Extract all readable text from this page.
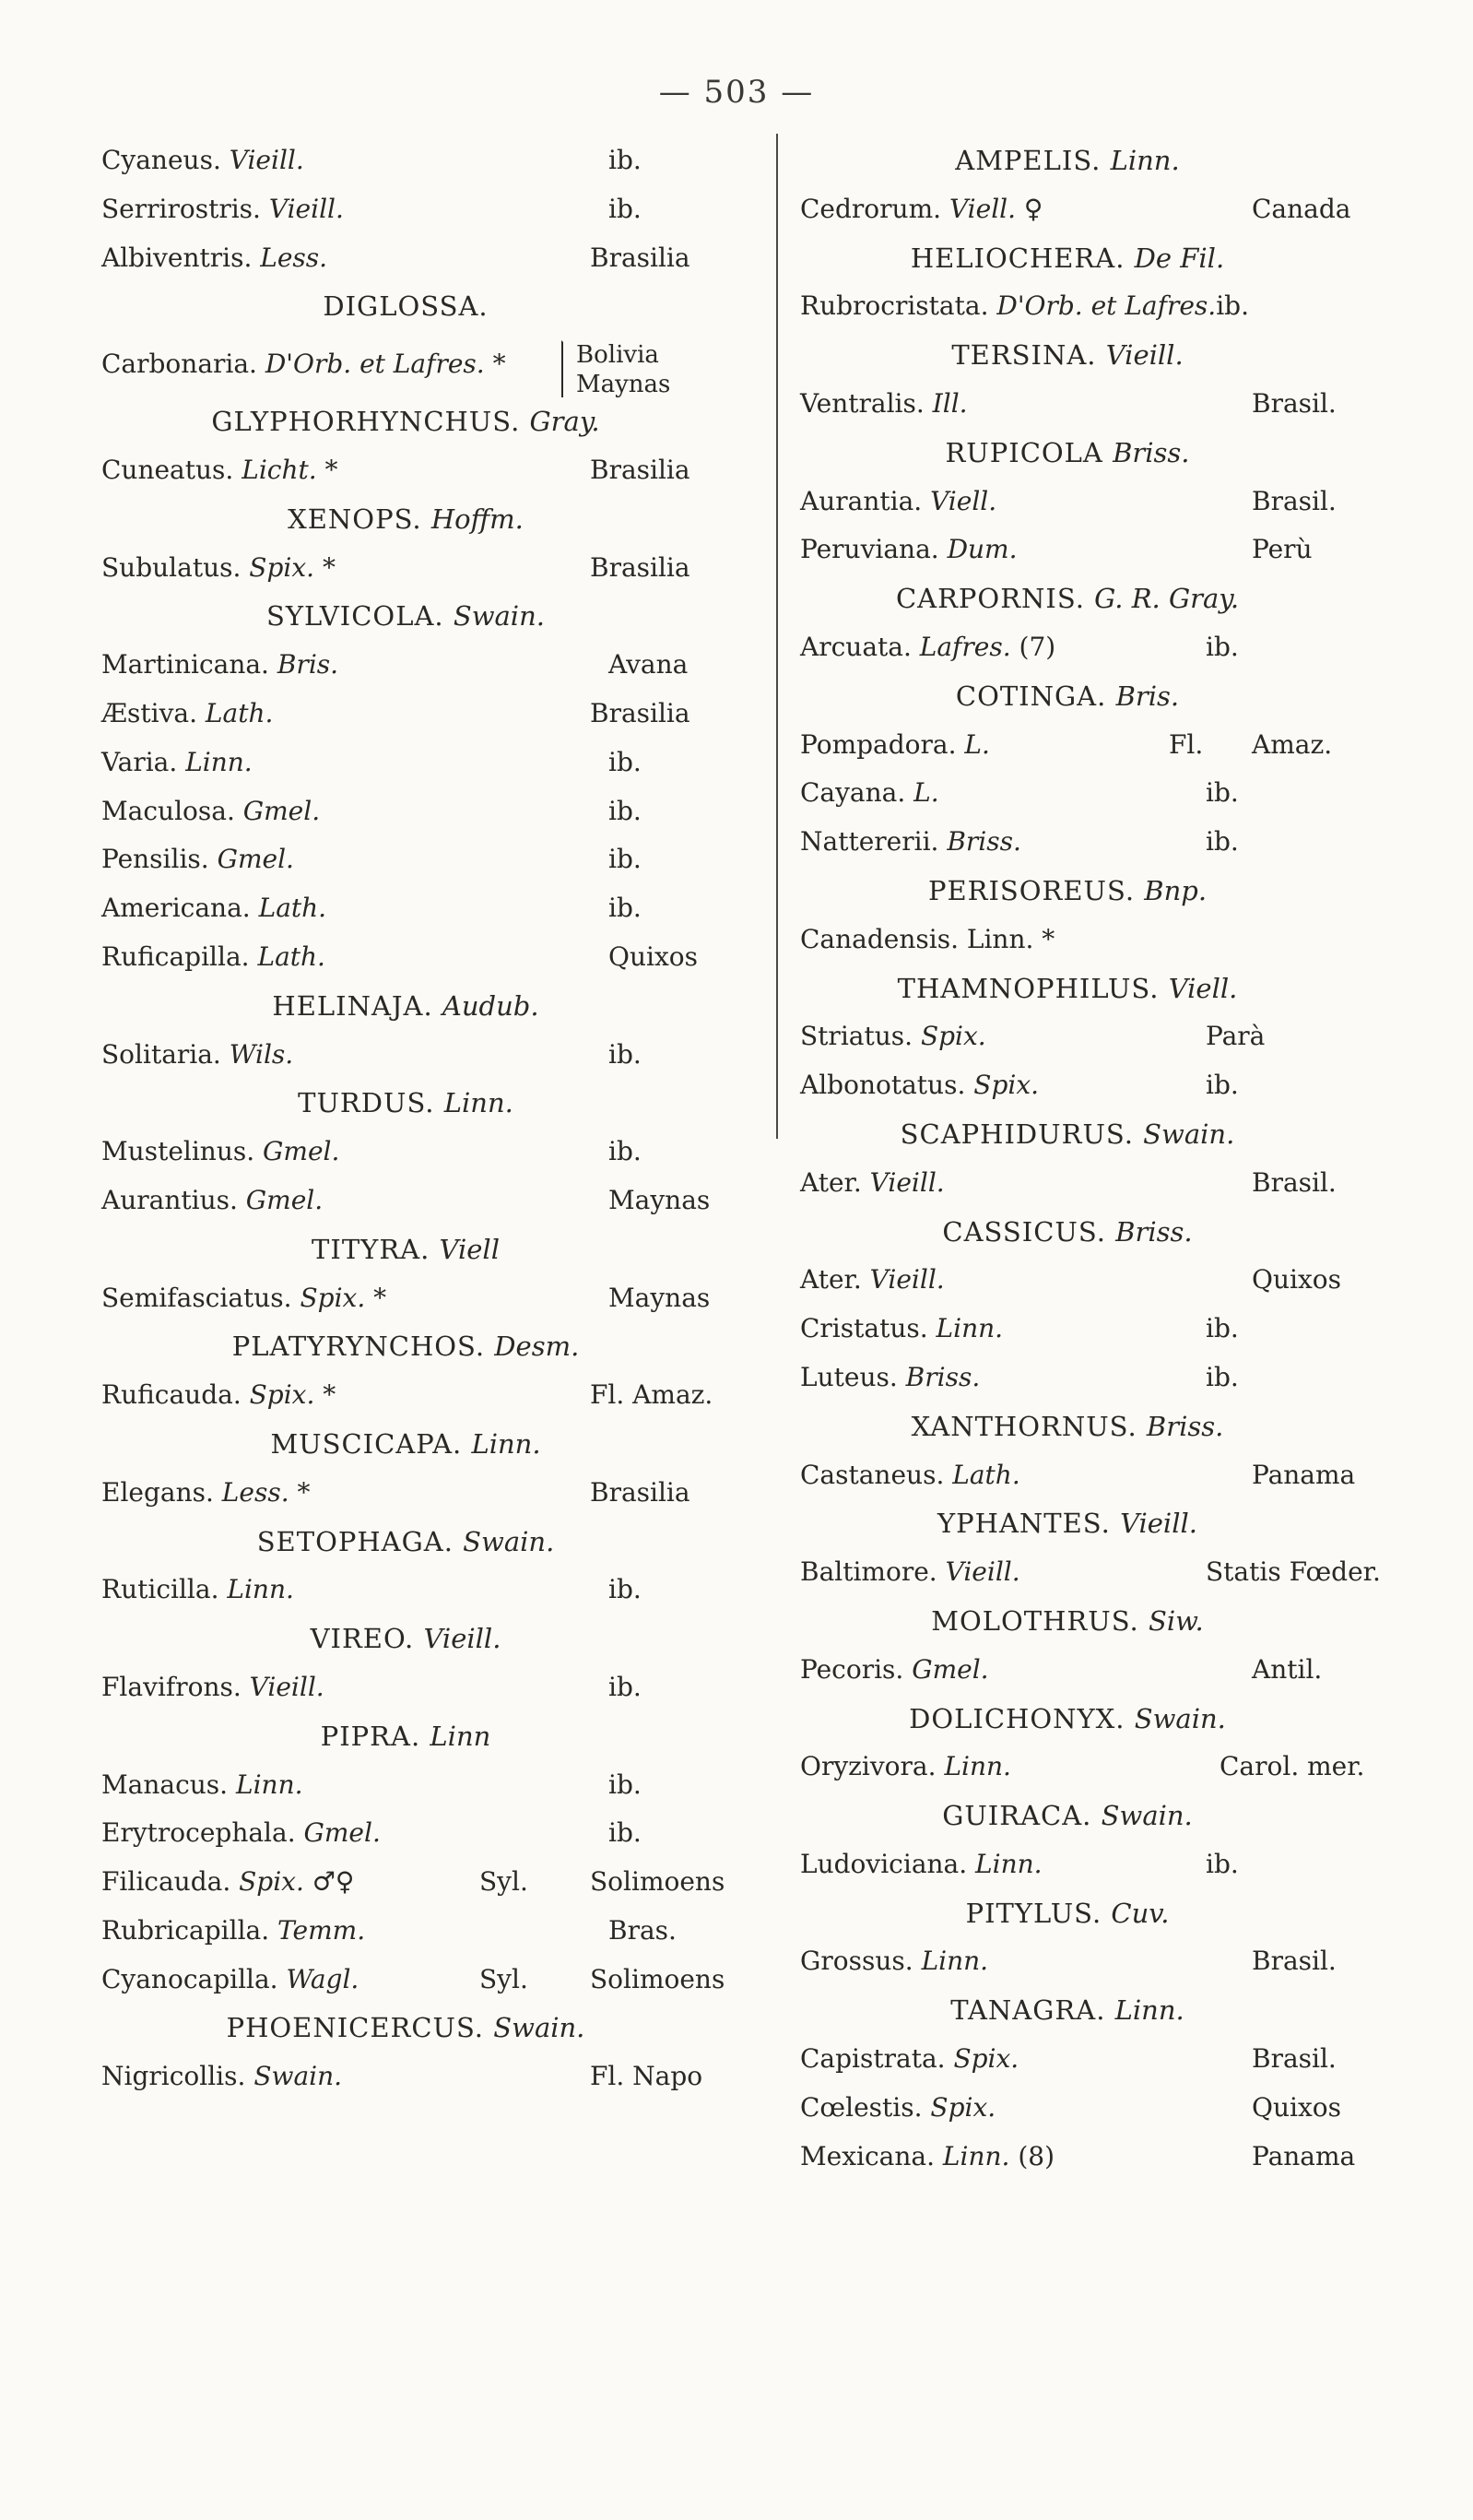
— 503 —
Cyaneus. Vieill.	ib.
Serrirostris. Vieill.	ib.
Albiventris. Less.	Brasilia
DIGLOSSA.
Carbonaria. D'Orb. et Lafres. *	Bolivia
Maynas
GLYPHORHYNCHUS. Gray.
Cuneatus. Licht. *	Brasilia
XENOPS. Hoffm.
Subulatus. Spix. *	Brasilia
SYLVICOLA. Swain.
Martinicana. Bris.	Avana
Æstiva. Lath.	Brasilia
Varia. Linn.	ib.
Maculosa. Gmel.	ib.
Pensilis. Gmel.	ib.
Americana. Lath.	ib.
Ruficapilla. Lath.	Quixos
HELINAJA. Audub.
Solitaria. Wils.	ib.
TURDUS. Linn.
Mustelinus. Gmel.	ib.
Aurantius. Gmel.	Maynas
TITYRA. Viell
Semifasciatus. Spix. *	Maynas
PLATYRYNCHOS. Desm.
Ruficauda. Spix. *	Fl. Amaz.
MUSCICAPA. Linn.
Elegans. Less. *	Brasilia
SETOPHAGA. Swain.
Ruticilla. Linn.	ib.
VIREO. Vieill.
Flavifrons. Vieill.	ib.
PIPRA. Linn
Manacus. Linn.	ib.
Erytrocephala. Gmel.	ib.
Filicauda. Spix. ♂♀	Syl. Solimoens
Rubricapilla. Temm.	Bras.
Cyanocapilla. Wagl.	Syl. Solimoens
PHOENICERCUS. Swain.
Nigricollis. Swain.	Fl. Napo
AMPELIS. Linn.
Cedrorum. Viell. ♀	Canada
HELIOCHERA. De Fil.
Rubrocristata. D'Orb. et Lafres.ib.
TERSINA. Vieill.
Ventralis. Ill.	Brasil.
RUPICOLA Briss.
Aurantia. Viell.	Brasil.
Peruviana. Dum.	Perù
CARPORNIS. G. R. Gray.
Arcuata. Lafres. (7)	ib.
COTINGA. Bris.
Pompadora. L.	Fl. Amaz.
Cayana. L.	ib.
Nattererii. Briss.	ib.
PERISOREUS. Bnp.
Canadensis. Linn. *
THAMNOPHILUS. Viell.
Striatus. Spix.	Parà
Albonotatus. Spix.	ib.
SCAPHIDURUS. Swain.
Ater. Vieill.	Brasil.
CASSICUS. Briss.
Ater. Vieill.	Quixos
Cristatus. Linn.	ib.
Luteus. Briss.	ib.
XANTHORNUS. Briss.
Castaneus. Lath.	Panama
YPHANTES. Vieill.
Baltimore. Vieill.	Statis Fœder.
MOLOTHRUS. Siw.
Pecoris. Gmel.	Antil.
DOLICHONYX. Swain.
Oryzivora. Linn.	Carol. mer.
GUIRACA. Swain.
Ludoviciana. Linn.	ib.
PITYLUS. Cuv.
Grossus. Linn.	Brasil.
TANAGRA. Linn.
Capistrata. Spix.	Brasil.
Cœlestis. Spix.	Quixos
Mexicana. Linn. (8)	Panama
